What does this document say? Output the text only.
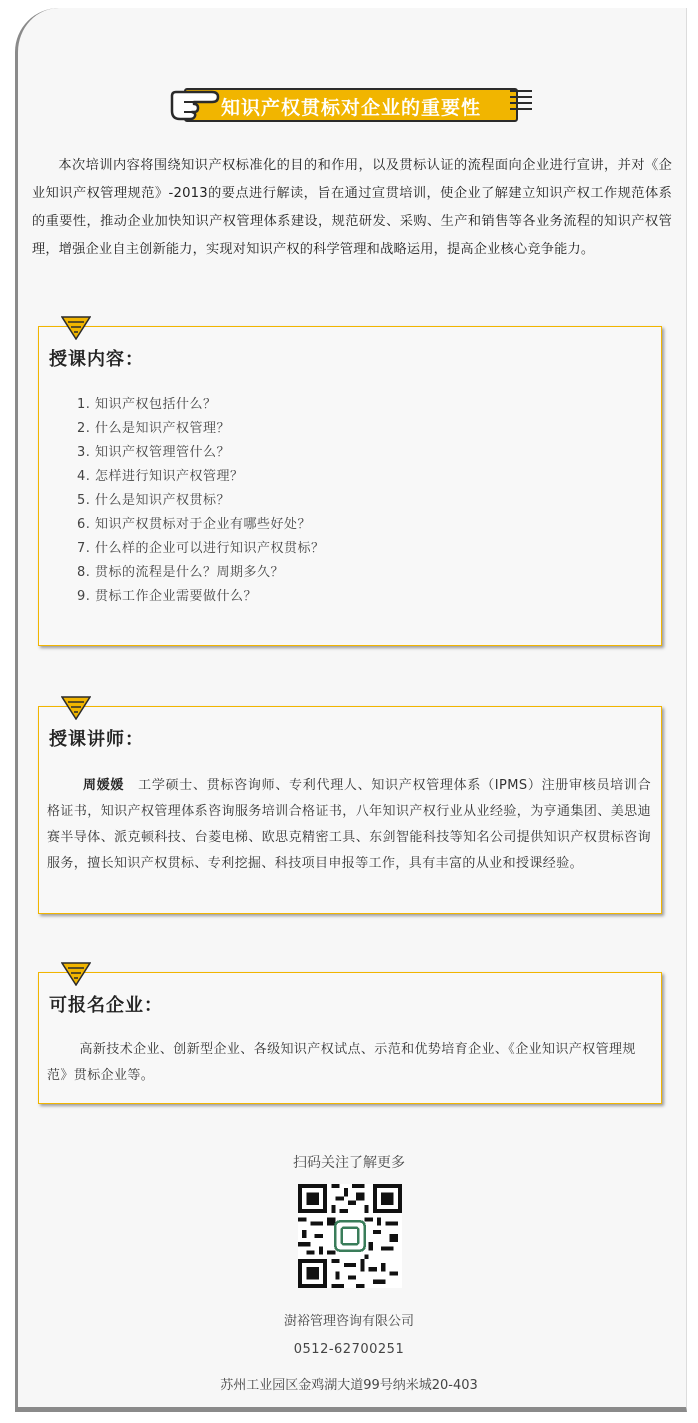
知识产权贯标对企业的重要性

本次培训内容将围绕知识产权标准化的目的和作用，以及贯标认证的流程面向企业进行宣讲，并对《企业知识产权管理规范》-2013的要点进行解读，旨在通过宣贯培训，使企业了解建立知识产权工作规范体系的重要性，推动企业加快知识产权管理体系建设，规范研发、采购、生产和销售等各业务流程的知识产权管理，增强企业自主创新能力，实现对知识产权的科学管理和战略运用，提高企业核心竞争能力。

授课内容：
1. 知识产权包括什么？
2. 什么是知识产权管理？
3. 知识产权管理管什么？
4. 怎样进行知识产权管理？
5. 什么是知识产权贯标？
6. 知识产权贯标对于企业有哪些好处？
7. 什么样的企业可以进行知识产权贯标？
8. 贯标的流程是什么？周期多久？
9. 贯标工作企业需要做什么？
授课讲师：

周媛媛 工学硕士、贯标咨询师、专利代理人、知识产权管理体系（IPMS）注册审核员培训合格证书，知识产权管理体系咨询服务培训合格证书，八年知识产权行业从业经验，为亨通集团、美思迪赛半导体、派克顿科技、台菱电梯、欧思克精密工具、东剑智能科技等知名公司提供知识产权贯标咨询服务，擅长知识产权贯标、专利挖掘、科技项目申报等工作，具有丰富的从业和授课经验。

可报名企业：

高新技术企业、创新型企业、各级知识产权试点、示范和优势培育企业、《企业知识产权管理规范》贯标企业等。

扫码关注了解更多
澍裕管理咨询有限公司
0512-62700251
苏州工业园区金鸡湖大道99号纳米城20-403
